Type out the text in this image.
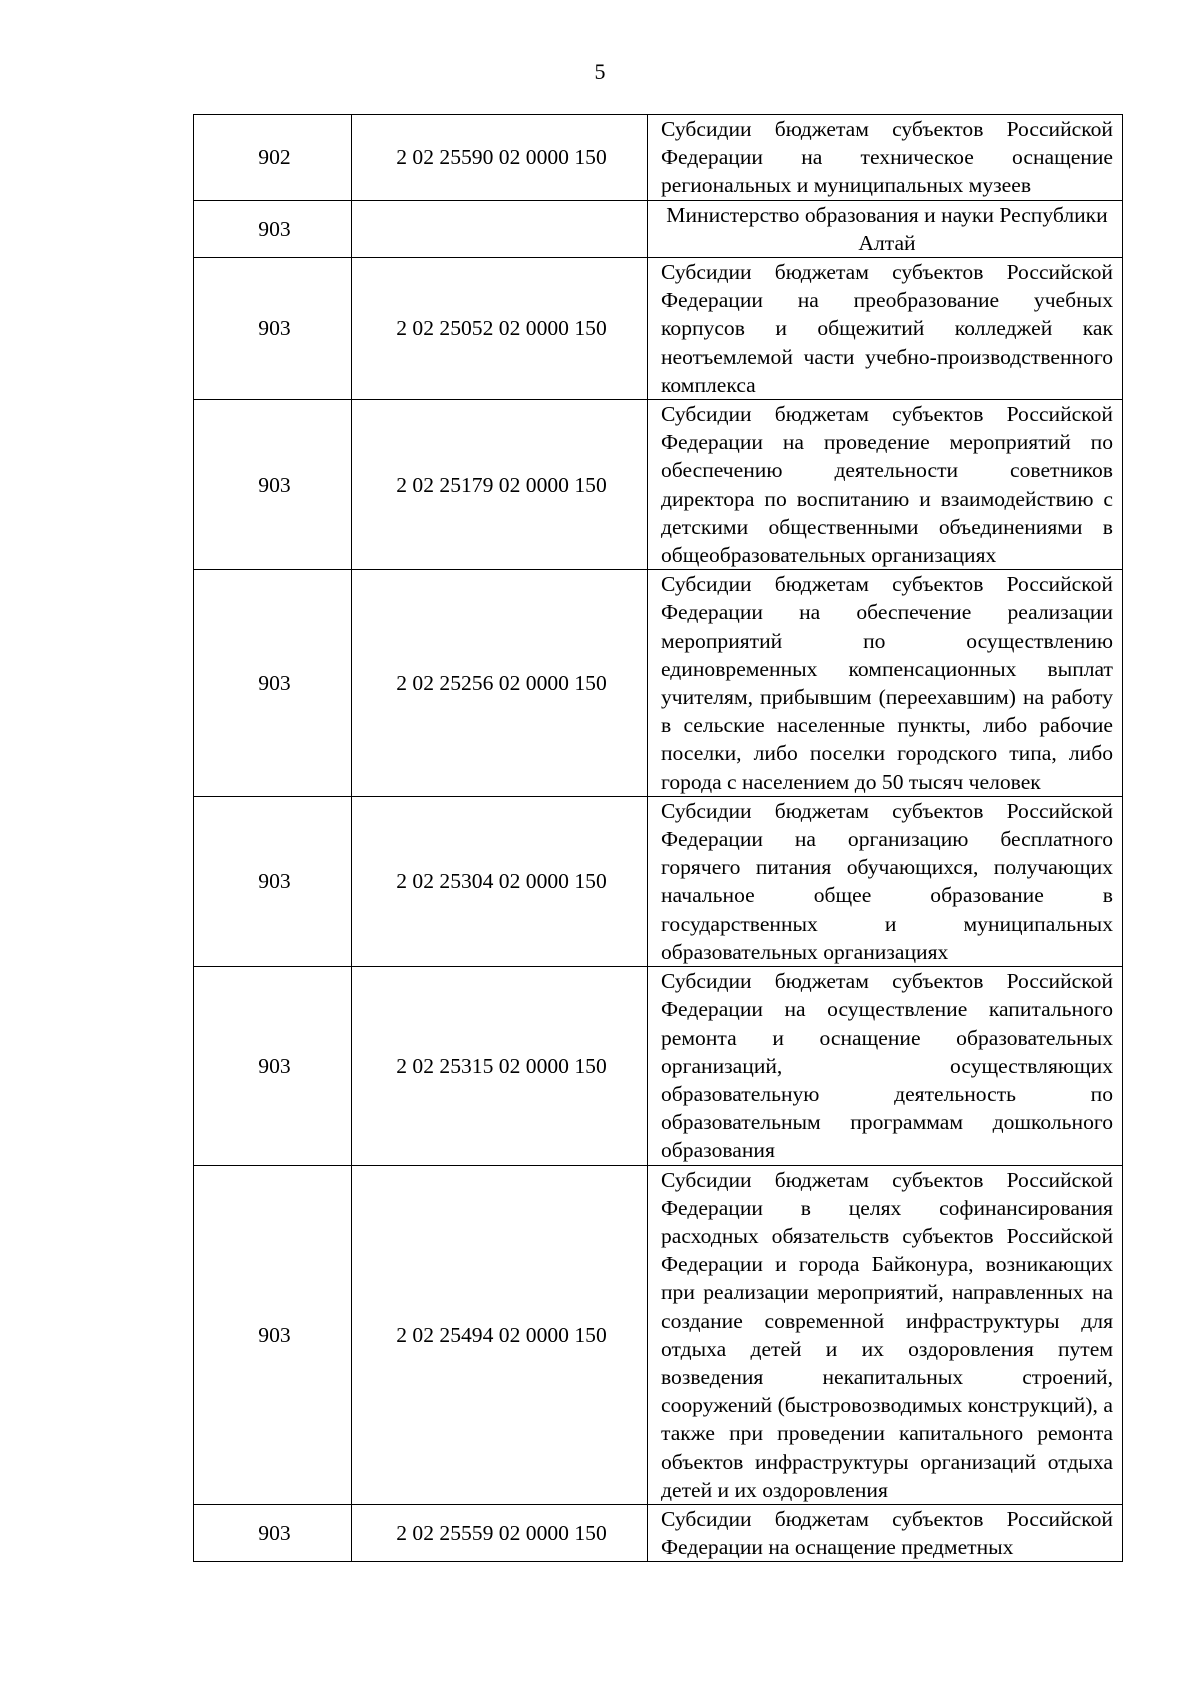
5
902	2 02 25590 02 0000 150	Субсидии бюджетам субъектов Российской Федерации на техническое оснащение региональных и муниципальных музеев
903		Министерство образования и науки Республики Алтай
903	2 02 25052 02 0000 150	Субсидии бюджетам субъектов Российской Федерации на преобразование учебных корпусов и общежитий колледжей как неотъемлемой части учебно-производственного комплекса
903	2 02 25179 02 0000 150	Субсидии бюджетам субъектов Российской Федерации на проведение мероприятий по обеспечению деятельности советников директора по воспитанию и взаимодействию с детскими общественными объединениями в общеобразовательных организациях
903	2 02 25256 02 0000 150	Субсидии бюджетам субъектов Российской Федерации на обеспечение реализации мероприятий по осуществлению единовременных компенсационных выплат учителям, прибывшим (переехавшим) на работу в сельские населенные пункты, либо рабочие поселки, либо поселки городского типа, либо города с населением до 50 тысяч человек
903	2 02 25304 02 0000 150	Субсидии бюджетам субъектов Российской Федерации на организацию бесплатного горячего питания обучающихся, получающих начальное общее образование в государственных и муниципальных образовательных организациях
903	2 02 25315 02 0000 150	Субсидии бюджетам субъектов Российской Федерации на осуществление капитального ремонта и оснащение образовательных организаций, осуществляющих образовательную деятельность по образовательным программам дошкольного образования
903	2 02 25494 02 0000 150	Субсидии бюджетам субъектов Российской Федерации в целях софинансирования расходных обязательств субъектов Российской Федерации и города Байконура, возникающих при реализации мероприятий, направленных на создание современной инфраструктуры для отдыха детей и их оздоровления путем возведения некапитальных строений, сооружений (быстровозводимых конструкций), а также при проведении капитального ремонта объектов инфраструктуры организаций отдыха детей и их оздоровления
903	2 02 25559 02 0000 150	Субсидии бюджетам субъектов Российской Федерации на оснащение предметных
